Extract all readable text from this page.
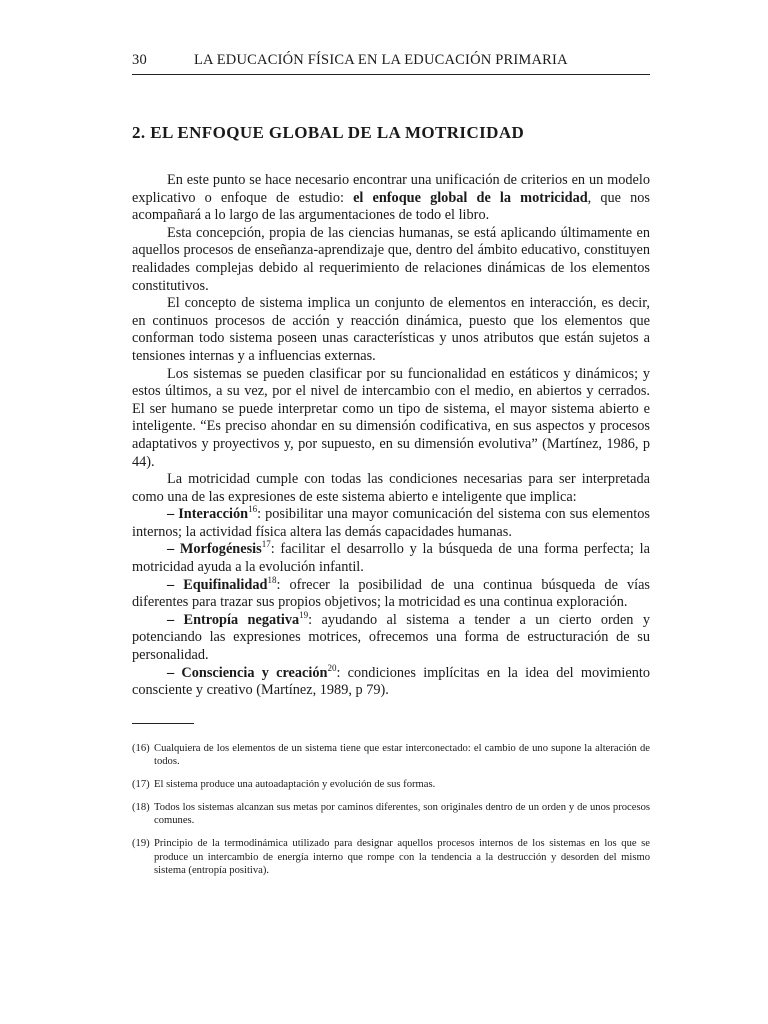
30	LA EDUCACIÓN FÍSICA EN LA EDUCACIÓN PRIMARIA
2. EL ENFOQUE GLOBAL DE LA MOTRICIDAD

En este punto se hace necesario encontrar una unificación de criterios en un modelo explicativo o enfoque de estudio: el enfoque global de la motricidad, que nos acompañará a lo largo de las argumentaciones de todo el libro.

Esta concepción, propia de las ciencias humanas, se está aplicando últimamente en aquellos procesos de enseñanza-aprendizaje que, dentro del ámbito educativo, constituyen realidades complejas debido al requerimiento de relaciones dinámicas de los elementos constitutivos.

El concepto de sistema implica un conjunto de elementos en interacción, es decir, en continuos procesos de acción y reacción dinámica, puesto que los elementos que conforman todo sistema poseen unas características y unos atributos que están sujetos a tensiones internas y a influencias externas.

Los sistemas se pueden clasificar por su funcionalidad en estáticos y dinámicos; y estos últimos, a su vez, por el nivel de intercambio con el medio, en abiertos y cerrados. El ser humano se puede interpretar como un tipo de sistema, el mayor sistema abierto e inteligente. “Es preciso ahondar en su dimensión codificativa, en sus aspectos y procesos adaptativos y proyectivos y, por supuesto, en su dimensión evolutiva” (Martínez, 1986, p 44).

La motricidad cumple con todas las condiciones necesarias para ser interpretada como una de las expresiones de este sistema abierto e inteligente que implica:

– Interacción$^{16}$: posibilitar una mayor comunicación del sistema con sus elementos internos; la actividad física altera las demás capacidades humanas.

– Morfogénesis$^{17}$: facilitar el desarrollo y la búsqueda de una forma perfecta; la motricidad ayuda a la evolución infantil.

– Equifinalidad$^{18}$: ofrecer la posibilidad de una continua búsqueda de vías diferentes para trazar sus propios objetivos; la motricidad es una continua exploración.

– Entropía negativa$^{19}$: ayudando al sistema a tender a un cierto orden y potenciando las expresiones motrices, ofrecemos una forma de estructuración de su personalidad.

– Consciencia y creación$^{20}$: condiciones implícitas en la idea del movimiento consciente y creativo (Martínez, 1989, p 79).

(16) Cualquiera de los elementos de un sistema tiene que estar interconectado: el cambio de uno supone la alteración de todos.
(17) El sistema produce una autoadaptación y evolución de sus formas.
(18) Todos los sistemas alcanzan sus metas por caminos diferentes, son originales dentro de un orden y de unos procesos comunes.
(19) Principio de la termodinámica utilizado para designar aquellos procesos internos de los sistemas en los que se produce un intercambio de energía interno que rompe con la tendencia a la destrucción y desorden del mismo sistema (entropía positiva).
